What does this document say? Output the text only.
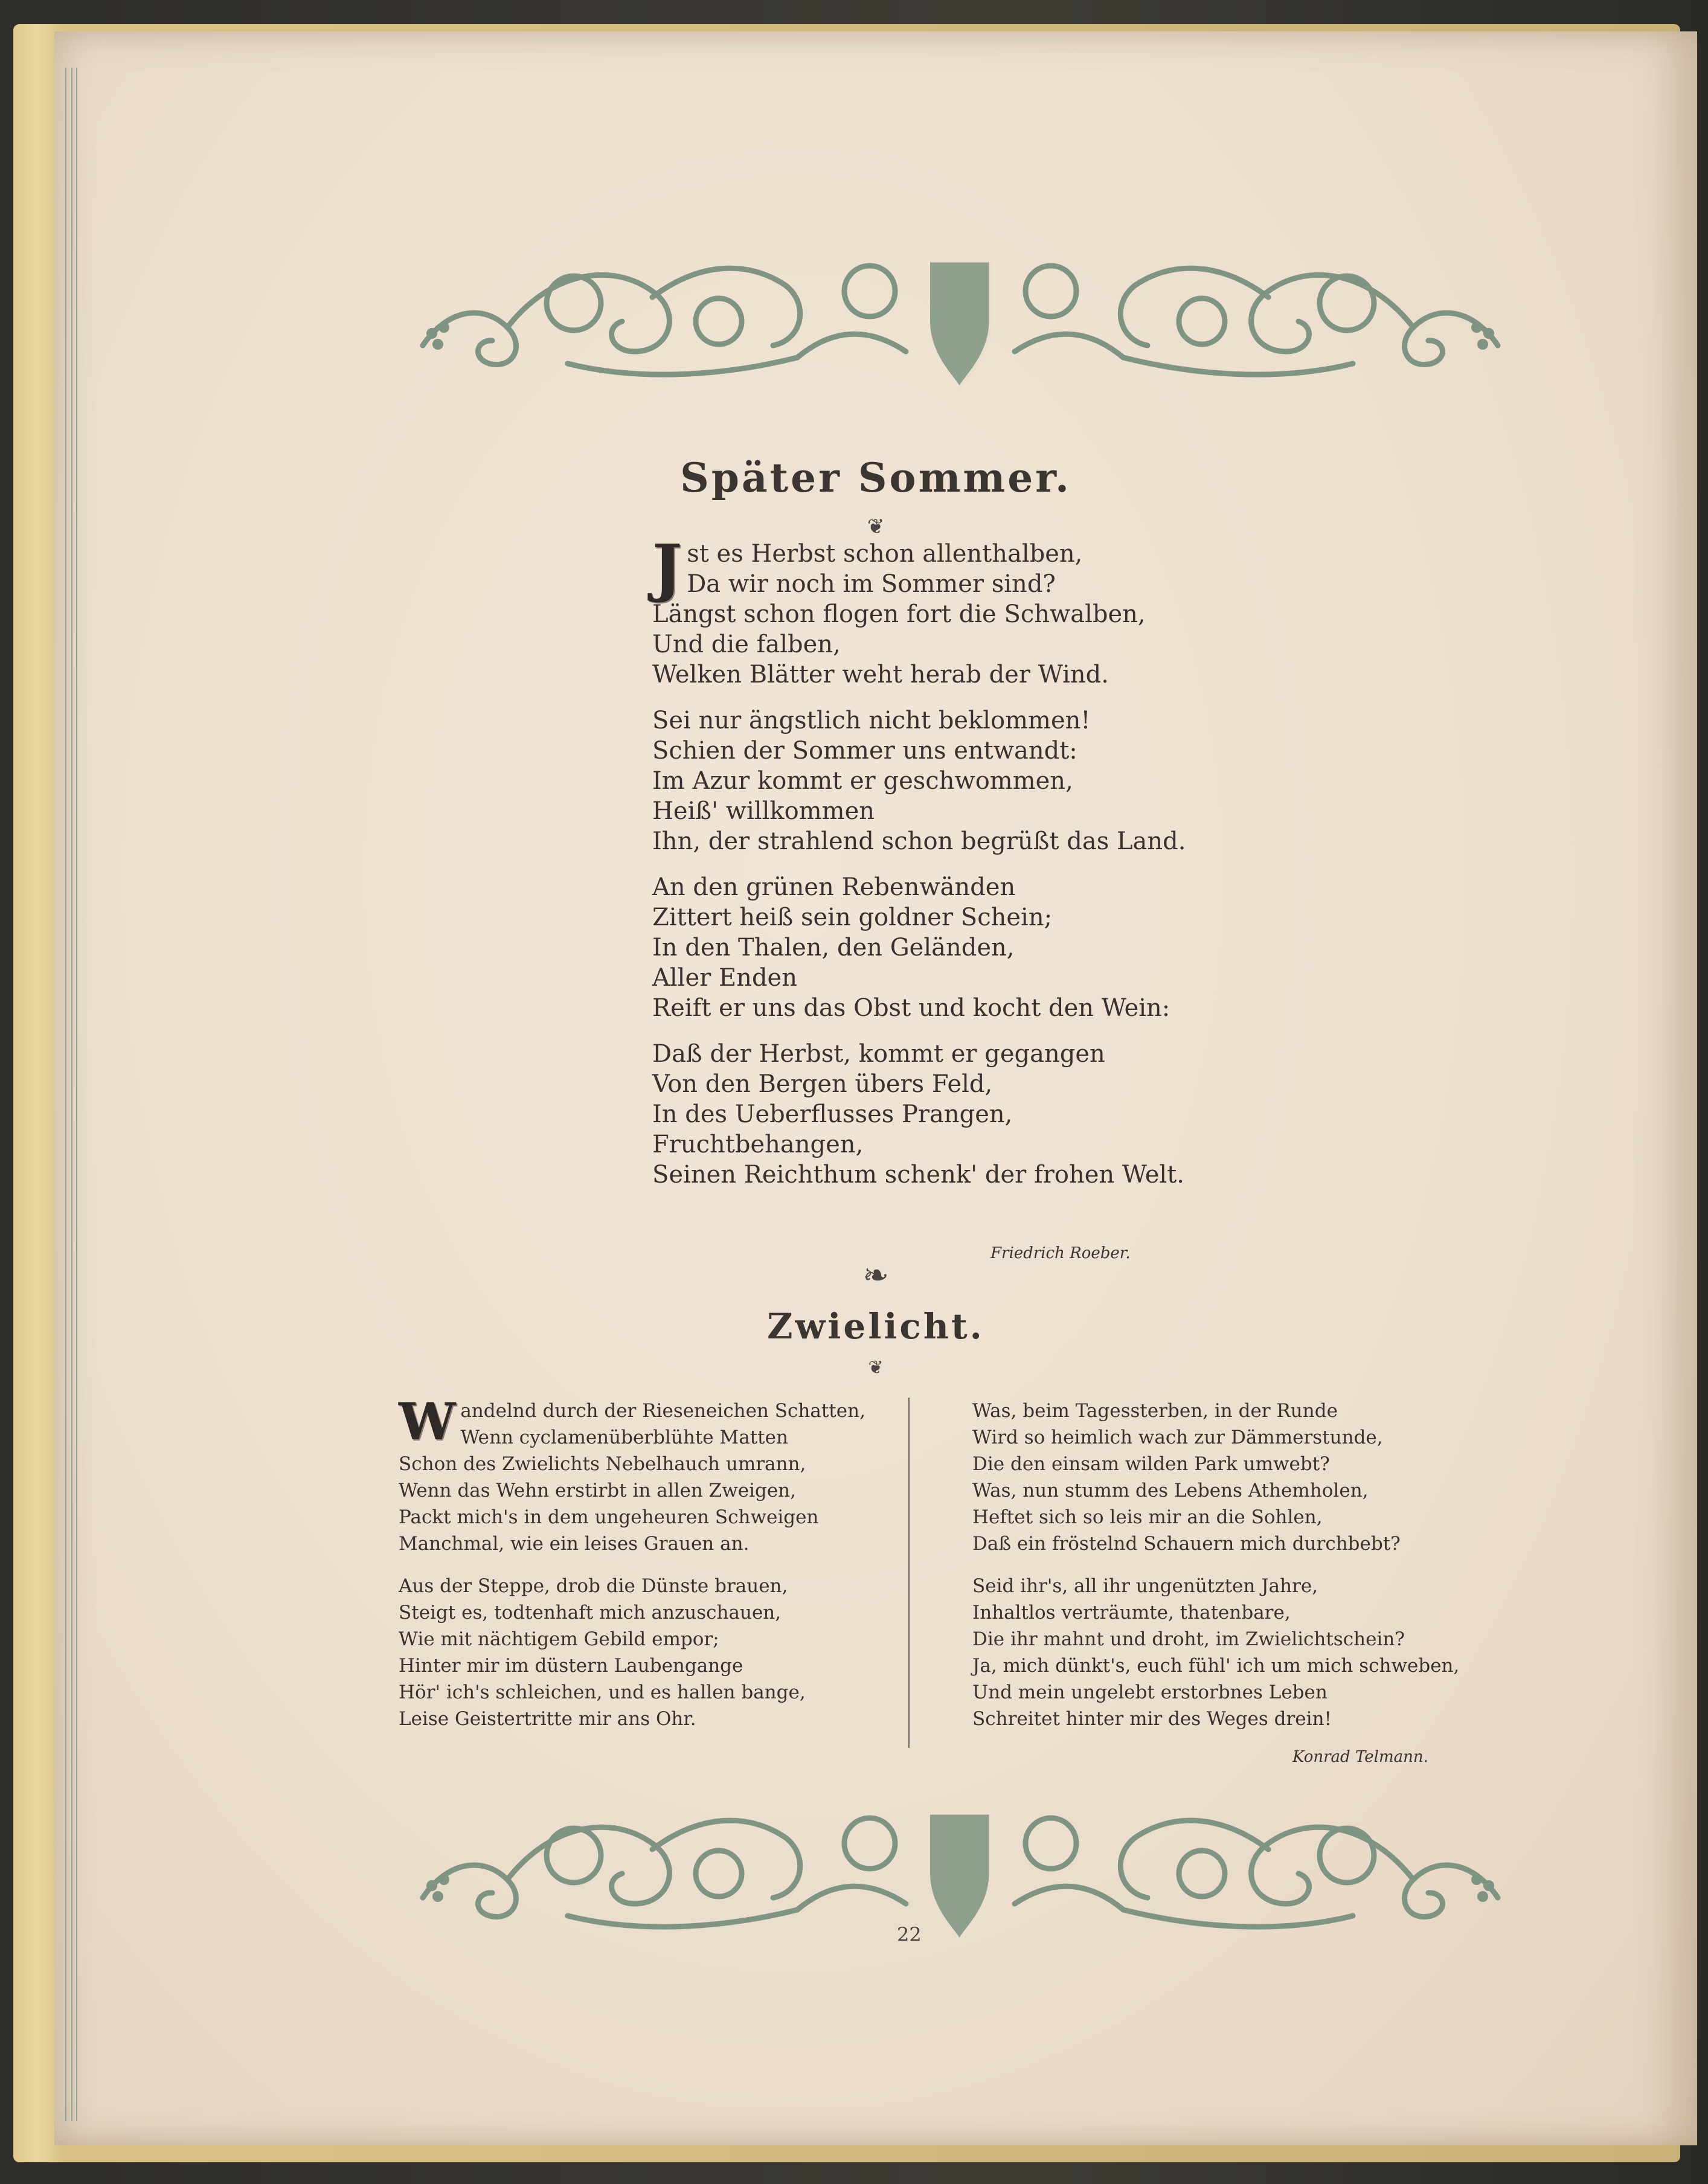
Später Sommer.
❦
J st es Herbst schon allenthalben,
Da wir noch im Sommer sind?
Längst schon flogen fort die Schwalben,
Und die falben,
Welken Blätter weht herab der Wind.
Sei nur ängstlich nicht beklommen!
Schien der Sommer uns entwandt:
Im Azur kommt er geschwommen,
Heiß' willkommen
Ihn, der strahlend schon begrüßt das Land.
An den grünen Rebenwänden
Zittert heiß sein goldner Schein;
In den Thalen, den Geländen,
Aller Enden
Reift er uns das Obst und kocht den Wein:
Daß der Herbst, kommt er gegangen
Von den Bergen übers Feld,
In des Ueberflusses Prangen,
Fruchtbehangen,
Seinen Reichthum schenk' der frohen Welt.
Friedrich Roeber.
❧
Zwielicht.
❦
W andelnd durch der Rieseneichen Schatten,
Wenn cyclamenüberblühte Matten
Schon des Zwielichts Nebelhauch umrann,
Wenn das Wehn erstirbt in allen Zweigen,
Packt mich's in dem ungeheuren Schweigen
Manchmal, wie ein leises Grauen an.
Aus der Steppe, drob die Dünste brauen,
Steigt es, todtenhaft mich anzuschauen,
Wie mit nächtigem Gebild empor;
Hinter mir im düstern Laubengange
Hör' ich's schleichen, und es hallen bange,
Leise Geistertritte mir ans Ohr.
Was, beim Tagessterben, in der Runde
Wird so heimlich wach zur Dämmerstunde,
Die den einsam wilden Park umwebt?
Was, nun stumm des Lebens Athemholen,
Heftet sich so leis mir an die Sohlen,
Daß ein fröstelnd Schauern mich durchbebt?
Seid ihr's, all ihr ungenützten Jahre,
Inhaltlos verträumte, thatenbare,
Die ihr mahnt und droht, im Zwielichtschein?
Ja, mich dünkt's, euch fühl' ich um mich schweben,
Und mein ungelebt erstorbnes Leben
Schreitet hinter mir des Weges drein!
Konrad Telmann.
22
